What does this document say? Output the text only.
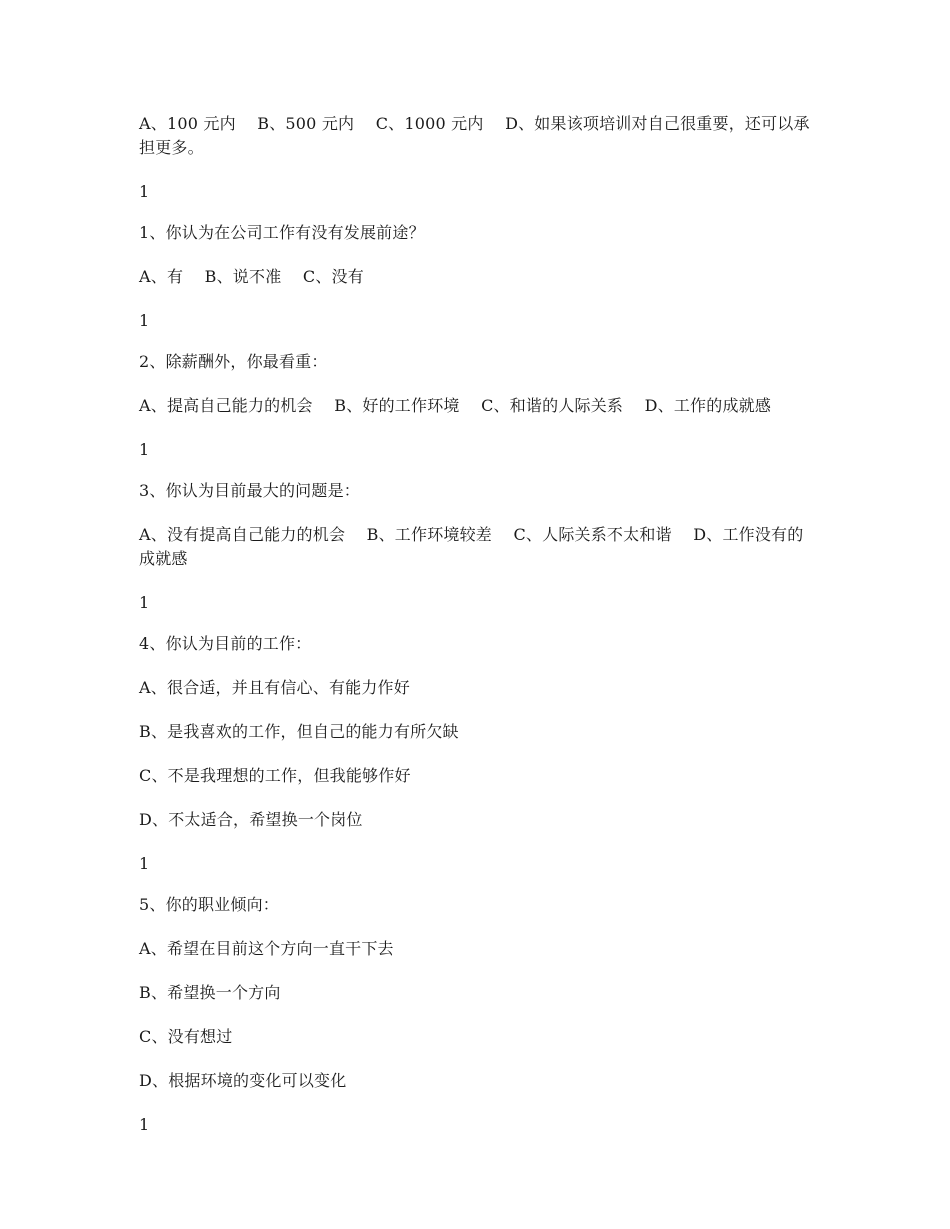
A、100 元内　 B、500 元内　 C、1000 元内　 D、如果该项培训对自己很重要，还可以承担更多。

1

1、你认为在公司工作有没有发展前途？

A、有　 B、说不准　 C、没有

1

2、除薪酬外，你最看重：

A、提高自己能力的机会　 B、好的工作环境　 C、和谐的人际关系　 D、工作的成就感

1

3、你认为目前最大的问题是：

A、没有提高自己能力的机会　 B、工作环境较差　 C、人际关系不太和谐　 D、工作没有的成就感

1

4、你认为目前的工作：

A、很合适，并且有信心、有能力作好

B、是我喜欢的工作，但自己的能力有所欠缺

C、不是我理想的工作，但我能够作好

D、不太适合，希望换一个岗位

1

5、你的职业倾向：

A、希望在目前这个方向一直干下去

B、希望换一个方向

C、没有想过

D、根据环境的变化可以变化

1
